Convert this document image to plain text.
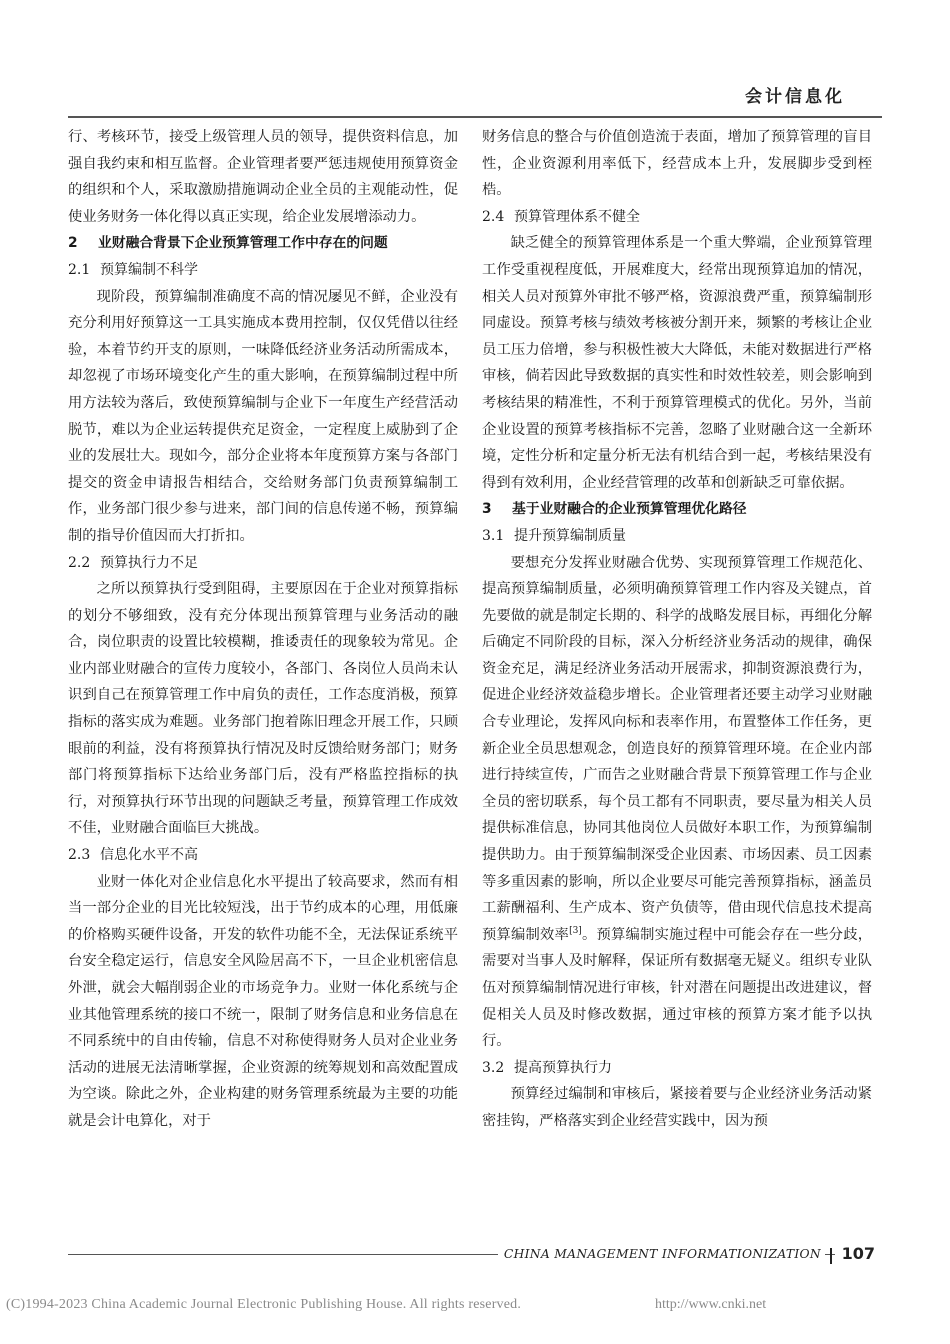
会计信息化

行、考核环节，接受上级管理人员的领导，提供资料信息，加强自我约束和相互监督。企业管理者要严惩违规使用预算资金的组织和个人，采取激励措施调动企业全员的主观能动性，促使业务财务一体化得以真正实现，给企业发展增添动力。

2 业财融合背景下企业预算管理工作中存在的问题

2.1 预算编制不科学

现阶段，预算编制准确度不高的情况屡见不鲜，企业没有充分利用好预算这一工具实施成本费用控制，仅仅凭借以往经验，本着节约开支的原则，一味降低经济业务活动所需成本，却忽视了市场环境变化产生的重大影响，在预算编制过程中所用方法较为落后，致使预算编制与企业下一年度生产经营活动脱节，难以为企业运转提供充足资金，一定程度上威胁到了企业的发展壮大。现如今，部分企业将本年度预算方案与各部门提交的资金申请报告相结合，交给财务部门负责预算编制工作，业务部门很少参与进来，部门间的信息传递不畅，预算编制的指导价值因而大打折扣。

2.2 预算执行力不足

之所以预算执行受到阻碍，主要原因在于企业对预算指标的划分不够细致，没有充分体现出预算管理与业务活动的融合，岗位职责的设置比较模糊，推诿责任的现象较为常见。企业内部业财融合的宣传力度较小，各部门、各岗位人员尚未认识到自己在预算管理工作中肩负的责任，工作态度消极，预算指标的落实成为难题。业务部门抱着陈旧理念开展工作，只顾眼前的利益，没有将预算执行情况及时反馈给财务部门；财务部门将预算指标下达给业务部门后，没有严格监控指标的执行，对预算执行环节出现的问题缺乏考量，预算管理工作成效不佳，业财融合面临巨大挑战。

2.3 信息化水平不高

业财一体化对企业信息化水平提出了较高要求，然而有相当一部分企业的目光比较短浅，出于节约成本的心理，用低廉的价格购买硬件设备，开发的软件功能不全，无法保证系统平台安全稳定运行，信息安全风险居高不下，一旦企业机密信息外泄，就会大幅削弱企业的市场竞争力。业财一体化系统与企业其他管理系统的接口不统一，限制了财务信息和业务信息在不同系统中的自由传输，信息不对称使得财务人员对企业业务活动的进展无法清晰掌握，企业资源的统筹规划和高效配置成为空谈。除此之外，企业构建的财务管理系统最为主要的功能就是会计电算化，对于

财务信息的整合与价值创造流于表面，增加了预算管理的盲目性，企业资源利用率低下，经营成本上升，发展脚步受到桎梏。

2.4 预算管理体系不健全

缺乏健全的预算管理体系是一个重大弊端，企业预算管理工作受重视程度低，开展难度大，经常出现预算追加的情况，相关人员对预算外审批不够严格，资源浪费严重，预算编制形同虚设。预算考核与绩效考核被分割开来，频繁的考核让企业员工压力倍增，参与积极性被大大降低，未能对数据进行严格审核，倘若因此导致数据的真实性和时效性较差，则会影响到考核结果的精准性，不利于预算管理模式的优化。另外，当前企业设置的预算考核指标不完善，忽略了业财融合这一全新环境，定性分析和定量分析无法有机结合到一起，考核结果没有得到有效利用，企业经营管理的改革和创新缺乏可靠依据。

3 基于业财融合的企业预算管理优化路径

3.1 提升预算编制质量

要想充分发挥业财融合优势、实现预算管理工作规范化、提高预算编制质量，必须明确预算管理工作内容及关键点，首先要做的就是制定长期的、科学的战略发展目标，再细化分解后确定不同阶段的目标，深入分析经济业务活动的规律，确保资金充足，满足经济业务活动开展需求，抑制资源浪费行为，促进企业经济效益稳步增长。企业管理者还要主动学习业财融合专业理论，发挥风向标和表率作用，布置整体工作任务，更新企业全员思想观念，创造良好的预算管理环境。在企业内部进行持续宣传，广而告之业财融合背景下预算管理工作与企业全员的密切联系，每个员工都有不同职责，要尽量为相关人员提供标准信息，协同其他岗位人员做好本职工作，为预算编制提供助力。由于预算编制深受企业因素、市场因素、员工因素等多重因素的影响，所以企业要尽可能完善预算指标，涵盖员工薪酬福利、生产成本、资产负债等，借由现代信息技术提高预算编制效率[3]。预算编制实施过程中可能会存在一些分歧，需要对当事人及时解释，保证所有数据毫无疑义。组织专业队伍对预算编制情况进行审核，针对潜在问题提出改进建议，督促相关人员及时修改数据，通过审核的预算方案才能予以执行。

3.2 提高预算执行力

预算经过编制和审核后，紧接着要与企业经济业务活动紧密挂钩，严格落实到企业经营实践中，因为预

CHINA MANAGEMENT INFORMATIONIZATION 107
(C)1994-2023 China Academic Journal Electronic Publishing House. All rights reserved.	http://www.cnki.net
